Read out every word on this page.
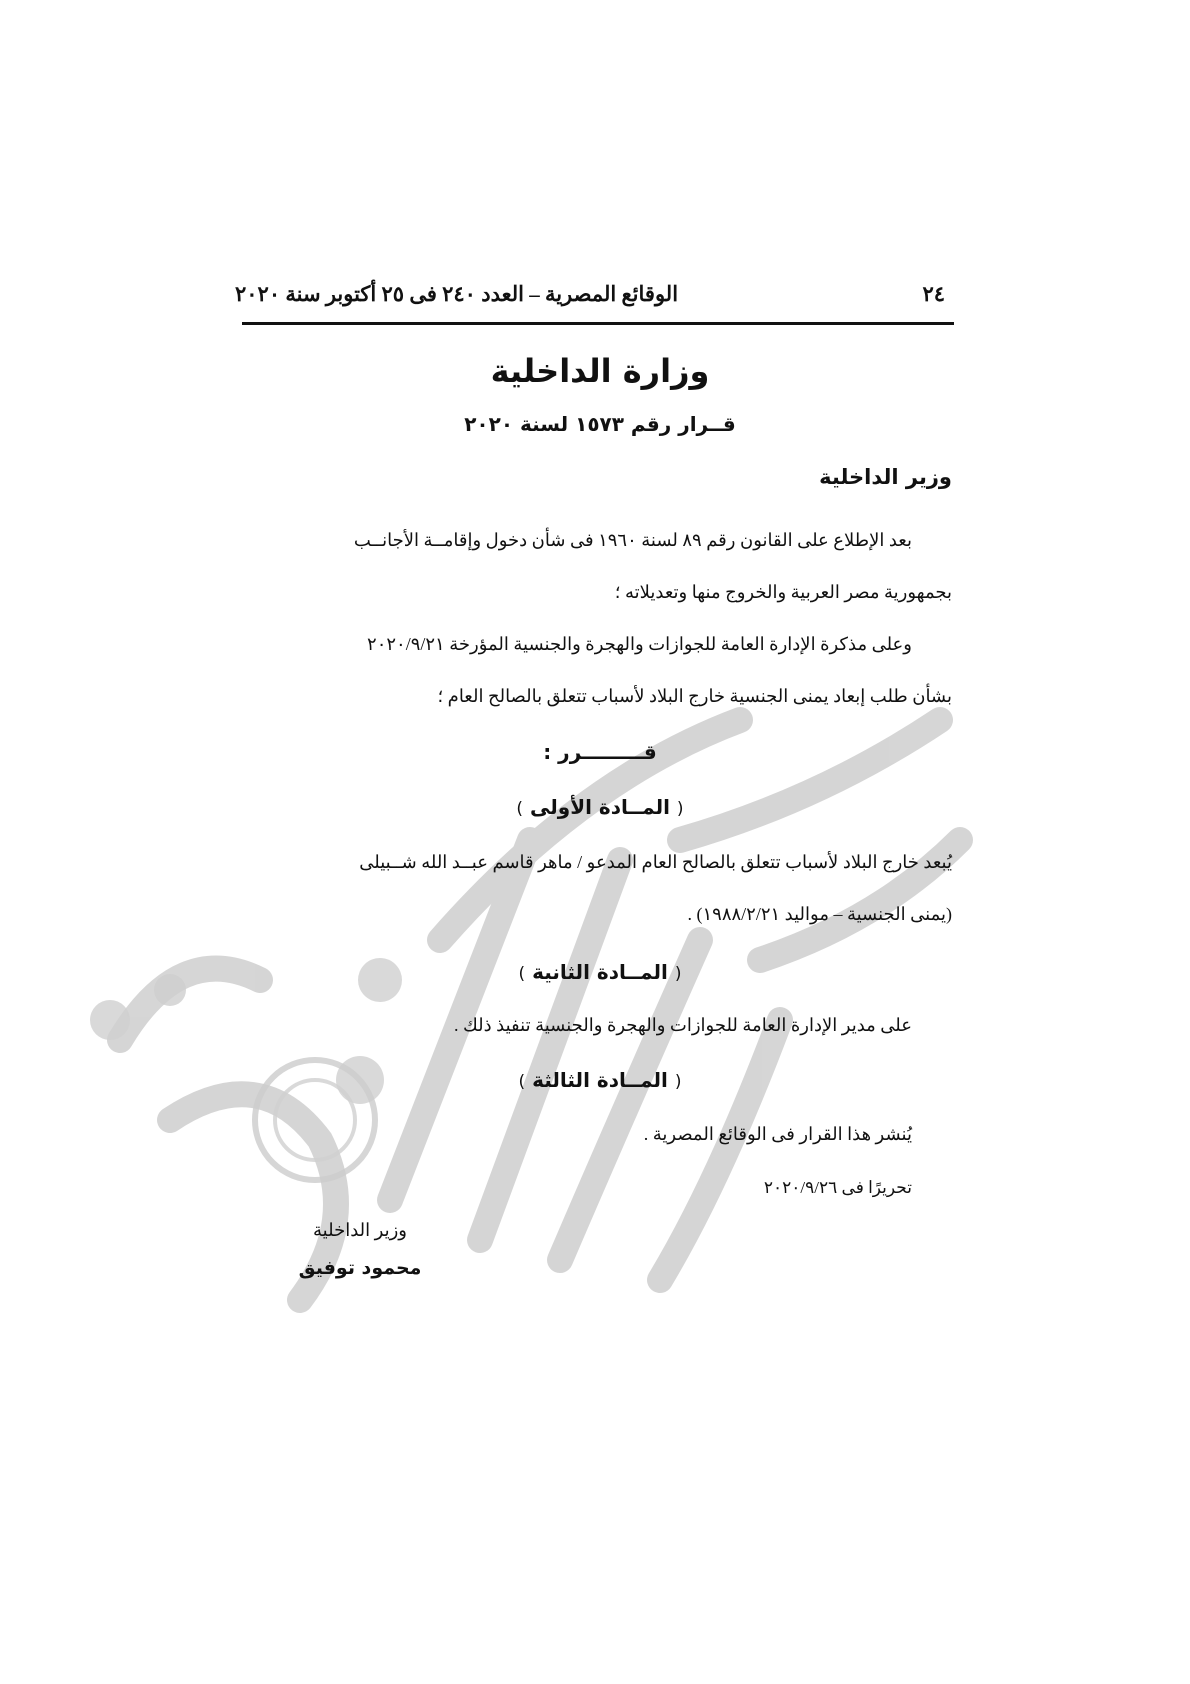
٢٤
الوقائع المصرية – العدد ٢٤٠ فى ٢٥ أكتوبر سنة ٢٠٢٠
وزارة الداخلية
قــرار رقم ١٥٧٣ لسنة ٢٠٢٠
وزير الداخلية
بعد الإطلاع على القانون رقم ٨٩ لسنة ١٩٦٠ فى شأن دخول وإقامــة الأجانــب
بجمهورية مصر العربية والخروج منها وتعديلاته ؛
وعلى مذكرة الإدارة العامة للجوازات والهجرة والجنسية المؤرخة ٢٠٢٠/٩/٢١
بشأن طلب إبعاد يمنى الجنسية خارج البلاد لأسباب تتعلق بالصالح العام ؛
قـــــــــرر :
( المــادة الأولى )
يُبعد خارج البلاد لأسباب تتعلق بالصالح العام المدعو / ماهر قاسم عبــد الله شــبيلى
(يمنى الجنسية – مواليد ١٩٨٨/٢/٢١) .
( المــادة الثانية )
على مدير الإدارة العامة للجوازات والهجرة والجنسية تنفيذ ذلك .
( المــادة الثالثة )
يُنشر هذا القرار فى الوقائع المصرية .
تحريرًا فى ٢٠٢٠/٩/٢٦
وزير الداخلية
محمود توفيق
